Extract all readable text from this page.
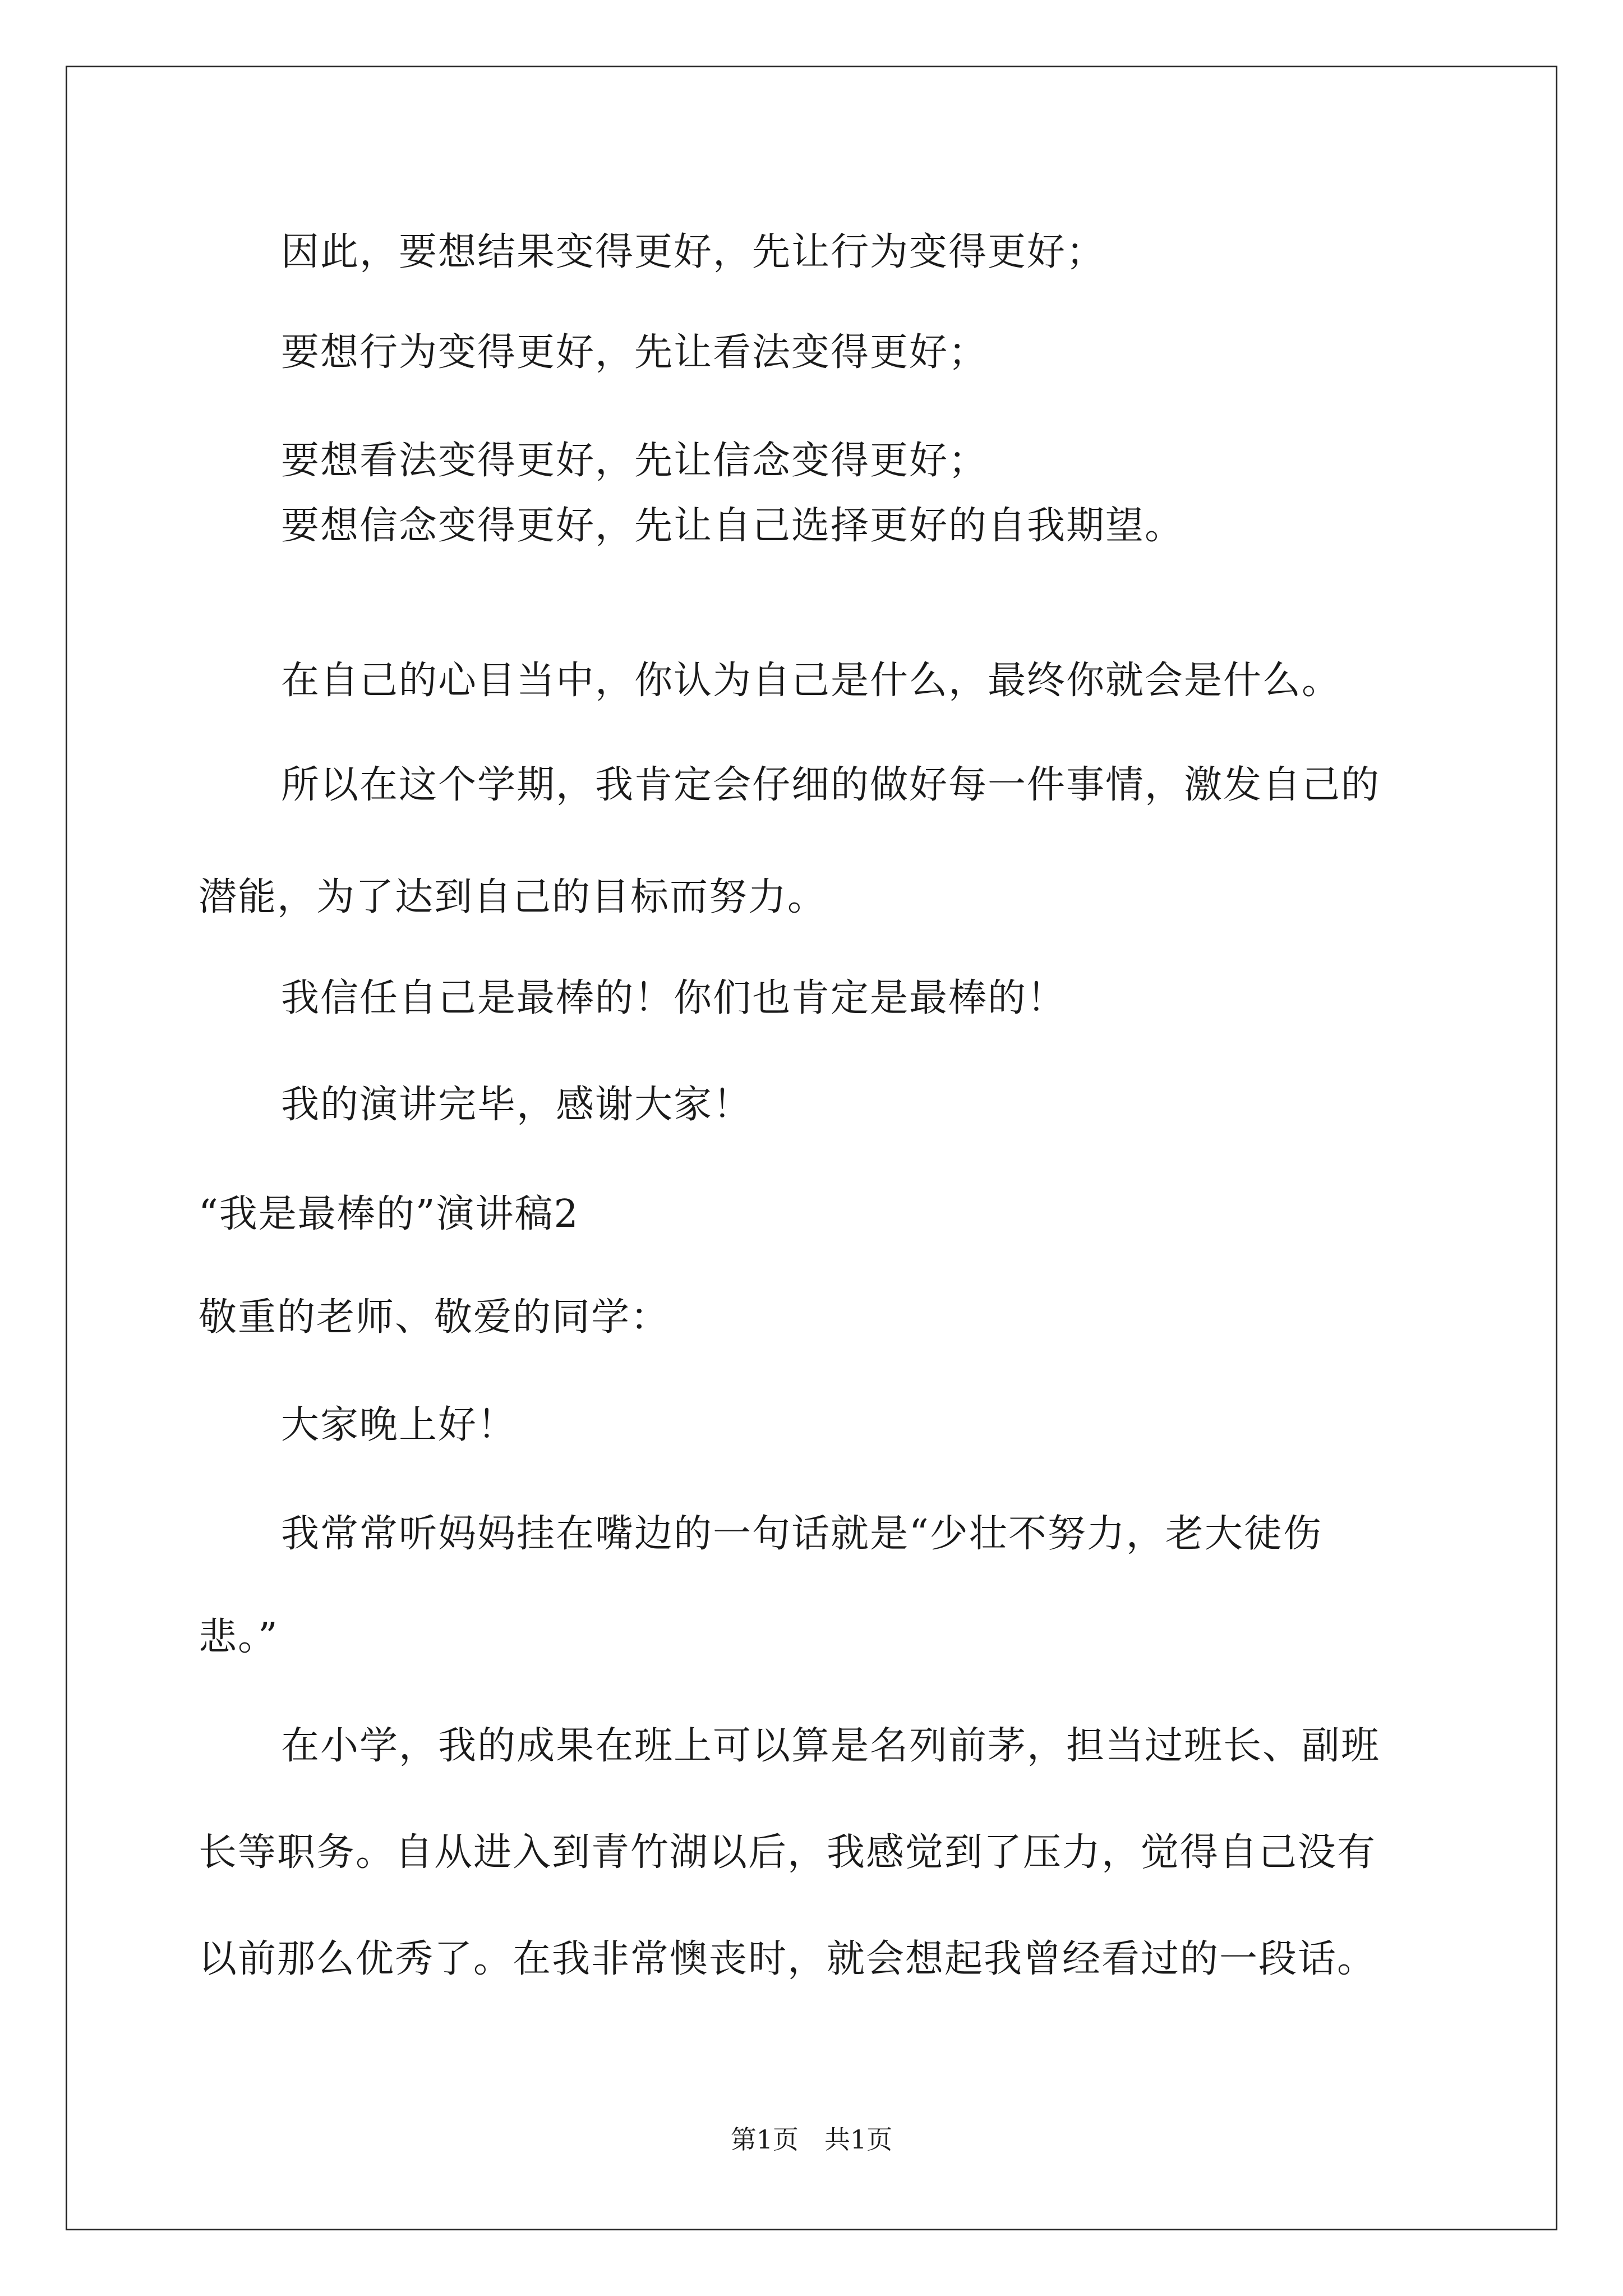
因此，要想结果变得更好，先让行为变得更好；
要想行为变得更好，先让看法变得更好；
要想看法变得更好，先让信念变得更好；
要想信念变得更好，先让自己选择更好的自我期望。
在自己的心目当中，你认为自己是什么，最终你就会是什么。
所以在这个学期，我肯定会仔细的做好每一件事情，激发自己的
潜能，为了达到自己的目标而努力。
我信任自己是最棒的！你们也肯定是最棒的！
我的演讲完毕，感谢大家！
“我是最棒的”演讲稿2
敬重的老师、敬爱的同学：
大家晚上好！
我常常听妈妈挂在嘴边的一句话就是“少壮不努力，老大徒伤
悲。”
在小学，我的成果在班上可以算是名列前茅，担当过班长、副班
长等职务。自从进入到青竹湖以后，我感觉到了压力，觉得自己没有
以前那么优秀了。在我非常懊丧时，就会想起我曾经看过的一段话。
第1页　共1页
